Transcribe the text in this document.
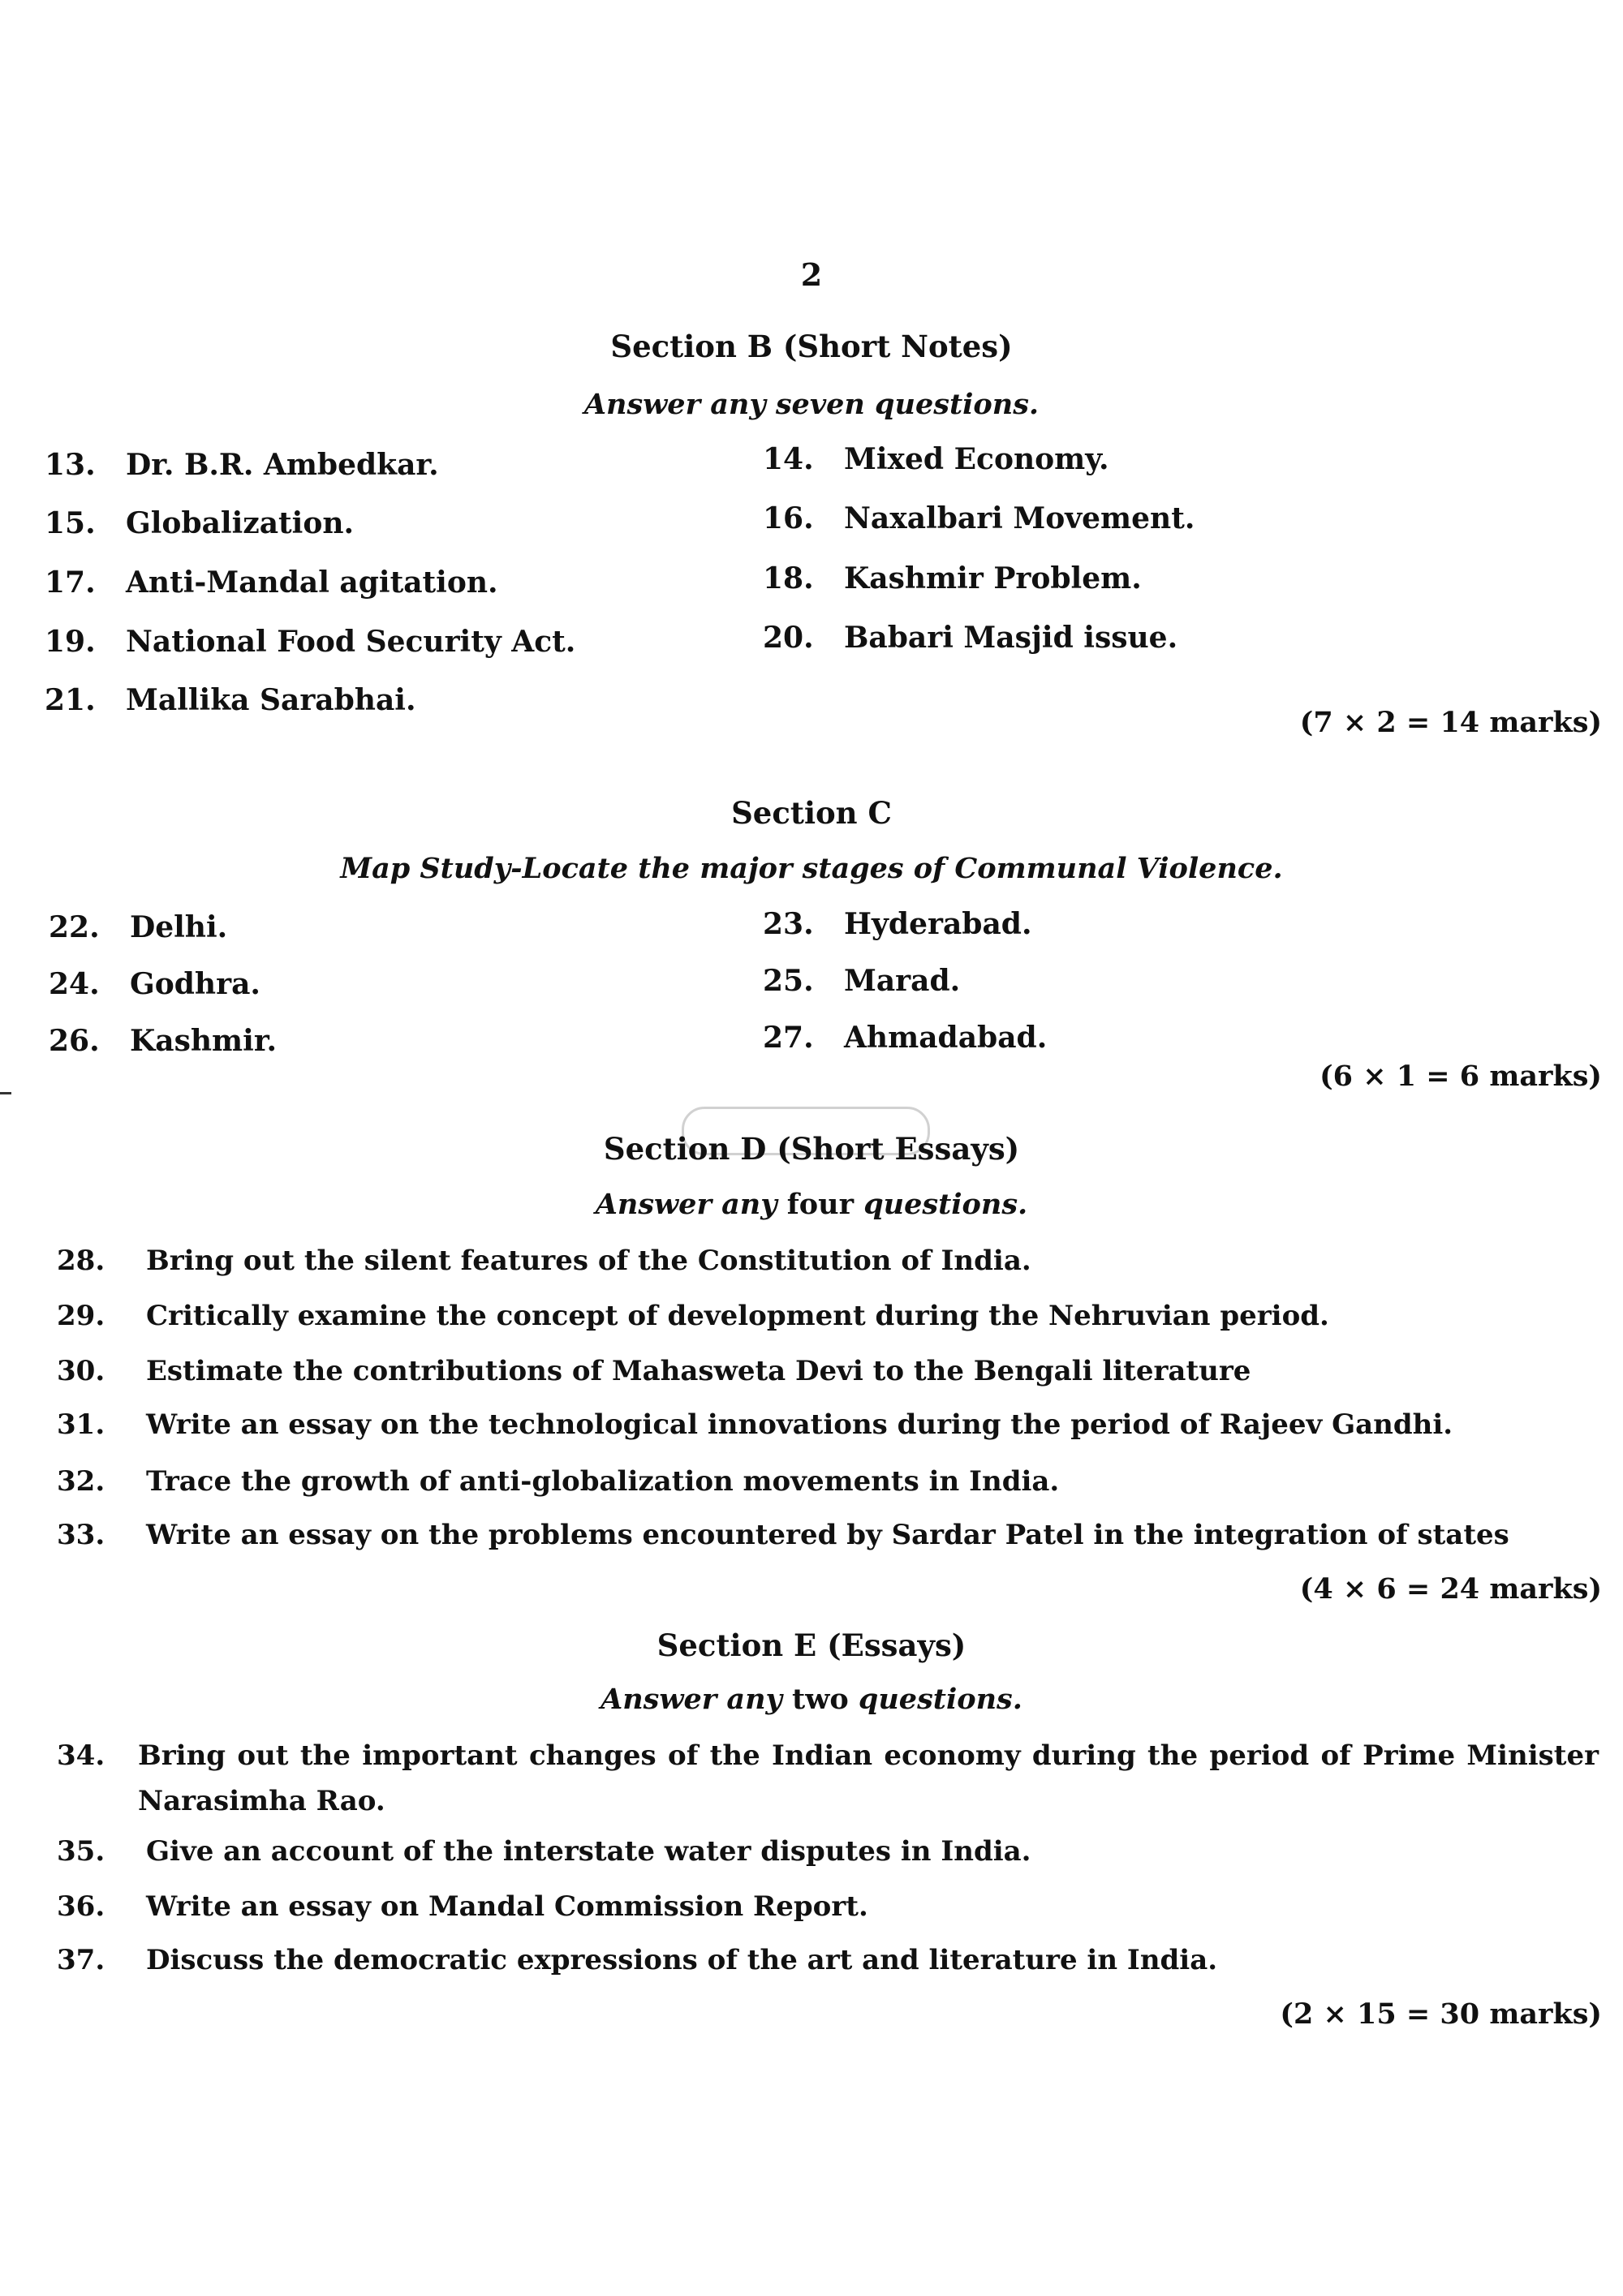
2
Section B (Short Notes)
Answer any seven questions.
13. Dr. B.R. Ambedkar.	14. Mixed Economy.
15. Globalization.	16. Naxalbari Movement.
17. Anti-Mandal agitation.	18. Kashmir Problem.
19. National Food Security Act.	20. Babari Masjid issue.
21. Mallika Sarabhai.
(7 × 2 = 14 marks)
Section C
Map Study-Locate the major stages of Communal Violence.
22. Delhi.	23. Hyderabad.
24. Godhra.	25. Marad.
26. Kashmir.	27. Ahmadabad.
(6 × 1 = 6 marks)
Section D (Short Essays)
Answer any four questions.
28. Bring out the silent features of the Constitution of India.
29. Critically examine the concept of development during the Nehruvian period.
30. Estimate the contributions of Mahasweta Devi to the Bengali literature
31. Write an essay on the technological innovations during the period of Rajeev Gandhi.
32. Trace the growth of anti-globalization movements in India.
33. Write an essay on the problems encountered by Sardar Patel in the integration of states
(4 × 6 = 24 marks)
Section E (Essays)
Answer any two questions.
34.	Bring out the important changes of the Indian economy during the period of Prime Minister Narasimha Rao.
35. Give an account of the interstate water disputes in India.
36. Write an essay on Mandal Commission Report.
37. Discuss the democratic expressions of the art and literature in India.
(2 × 15 = 30 marks)
